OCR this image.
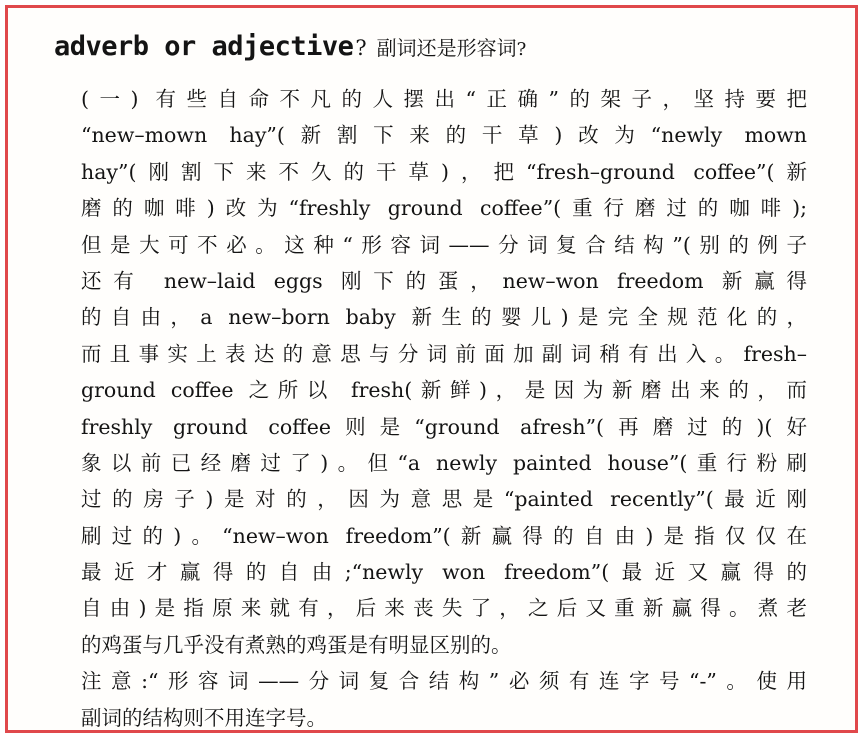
adverb or adjective? 副词还是形容词?
(一) 有些自命不凡的人摆出“正确”的架子，坚持要把
“new–mown hay”(新割下来的干草)改为“newly mown
hay”(刚割下来不久的干草)，把“fresh–ground coffee”(新
磨的咖啡)改为“freshly ground coffee”(重行磨过的咖啡);
但是大可不必。这种“形容词——分词复合结构”(别的例子
还有 new–laid eggs 刚下的蛋，new–won freedom 新赢得
的自由，a new–born baby 新生的婴儿)是完全规范化的，
而且事实上表达的意思与分词前面加副词稍有出入。fresh–
ground coffee 之所以 fresh(新鲜)，是因为新磨出来的，而
freshly ground coffee则是“ground afresh”(再磨过的)(好
象以前已经磨过了)。但“a newly painted house”(重行粉刷
过的房子)是对的，因为意思是“painted recently”(最近刚
刷过的)。“new–won freedom”(新赢得的自由)是指仅仅在
最近才赢得的自由;“newly won freedom”(最近又赢得的
自由)是指原来就有，后来丧失了，之后又重新赢得。煮老
的鸡蛋与几乎没有煮熟的鸡蛋是有明显区别的。
注意:“形容词——分词复合结构”必须有连字号“-”。使用
副词的结构则不用连字号。
